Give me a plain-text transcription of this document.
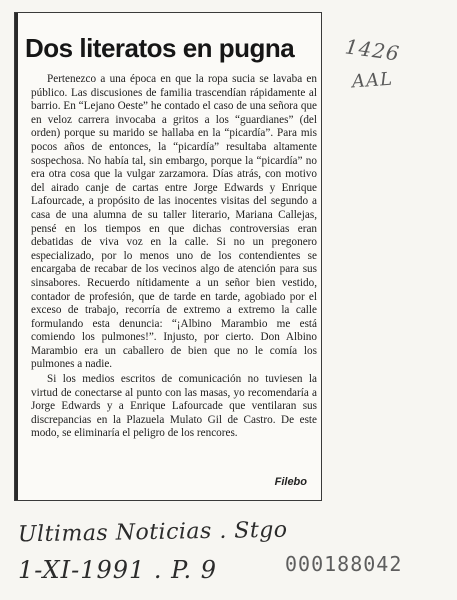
Dos literatos en pugna

Pertenezco a una época en que la ropa sucia se lavaba en público. Las discusiones de familia trascendían rápidamente al barrio. En “Lejano Oeste” he contado el caso de una señora que en veloz carrera invocaba a gritos a los “guardianes” (del orden) porque su marido se hallaba en la “picardía”. Para mis pocos años de entonces, la “picardía” resultaba altamente sospechosa. No había tal, sin embargo, porque la “picardía” no era otra cosa que la vulgar zarzamora. Días atrás, con motivo del airado canje de cartas entre Jorge Edwards y Enrique Lafourcade, a propósito de las inocentes visitas del segundo a casa de una alumna de su taller literario, Mariana Callejas, pensé en los tiempos en que dichas controversias eran debatidas de viva voz en la calle. Si no un pregonero especializado, por lo menos uno de los contendientes se encargaba de recabar de los vecinos algo de atención para sus sinsabores. Recuerdo nítidamente a un señor bien vestido, contador de profesión, que de tarde en tarde, agobiado por el exceso de trabajo, recorría de extremo a extremo la calle formulando esta denuncia: “¡Albino Marambio me está comiendo los pulmones!”. Injusto, por cierto. Don Albino Marambio era un caballero de bien que no le comía los pulmones a nadie.

Si los medios escritos de comunicación no tuviesen la virtud de conectarse al punto con las masas, yo recomendaría a Jorge Edwards y a Enrique Lafourcade que ventilaran sus discrepancias en la Plazuela Mulato Gil de Castro. De este modo, se eliminaría el peligro de los rencores.

Filebo
1426
AAL
Ultimas Noticias . Stgo
1-XI-1991 . P. 9	000188042
